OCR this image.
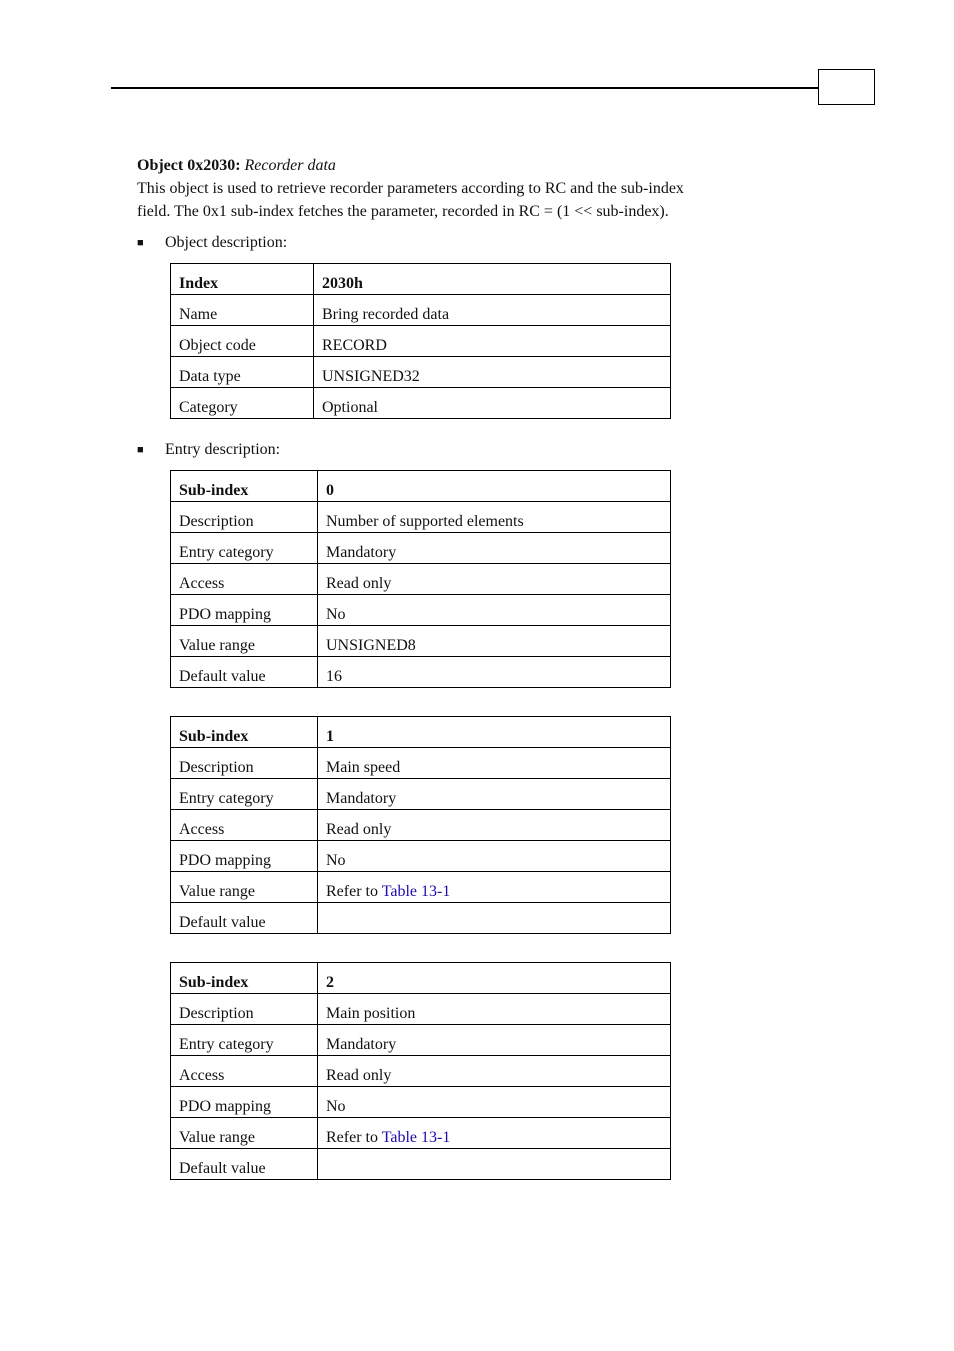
Object 0x2030: Recorder data

This object is used to retrieve recorder parameters according to RC and the sub-index

field. The 0x1 sub-index fetches the parameter, recorded in RC = (1 << sub-index).

■ Object description:
Index	2030h
Name	Bring recorded data
Object code	RECORD
Data type	UNSIGNED32
Category	Optional
■ Entry description:
Sub-index	0
Description	Number of supported elements
Entry category	Mandatory
Access	Read only
PDO mapping	No
Value range	UNSIGNED8
Default value	16
Sub-index	1
Description	Main speed
Entry category	Mandatory
Access	Read only
PDO mapping	No
Value range	Refer to Table 13-1
Default value	
Sub-index	2
Description	Main position
Entry category	Mandatory
Access	Read only
PDO mapping	No
Value range	Refer to Table 13-1
Default value	
